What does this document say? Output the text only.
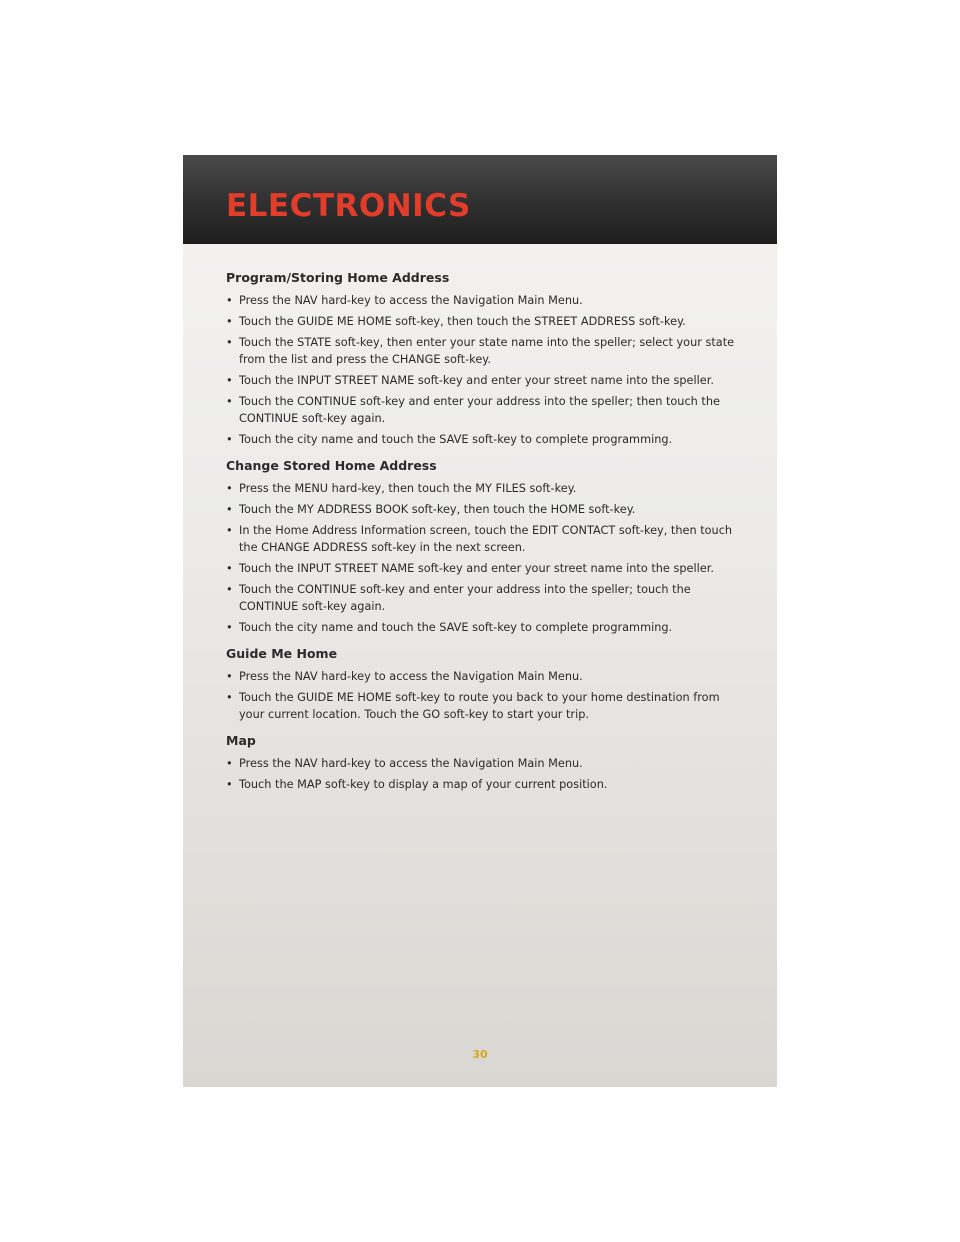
ELECTRONICS
Program/Storing Home Address
• Press the NAV hard-key to access the Navigation Main Menu.
• Touch the GUIDE ME HOME soft-key, then touch the STREET ADDRESS soft-key.
• Touch the STATE soft-key, then enter your state name into the speller; select your state from the list and press the CHANGE soft-key.
• Touch the INPUT STREET NAME soft-key and enter your street name into the speller.
• Touch the CONTINUE soft-key and enter your address into the speller; then touch the CONTINUE soft-key again.
• Touch the city name and touch the SAVE soft-key to complete programming.
Change Stored Home Address
• Press the MENU hard-key, then touch the MY FILES soft-key.
• Touch the MY ADDRESS BOOK soft-key, then touch the HOME soft-key.
• In the Home Address Information screen, touch the EDIT CONTACT soft-key, then touch the CHANGE ADDRESS soft-key in the next screen.
• Touch the INPUT STREET NAME soft-key and enter your street name into the speller.
• Touch the CONTINUE soft-key and enter your address into the speller; touch the CONTINUE soft-key again.
• Touch the city name and touch the SAVE soft-key to complete programming.
Guide Me Home
• Press the NAV hard-key to access the Navigation Main Menu.
• Touch the GUIDE ME HOME soft-key to route you back to your home destination from your current location. Touch the GO soft-key to start your trip.
Map
• Press the NAV hard-key to access the Navigation Main Menu.
• Touch the MAP soft-key to display a map of your current position.
30
